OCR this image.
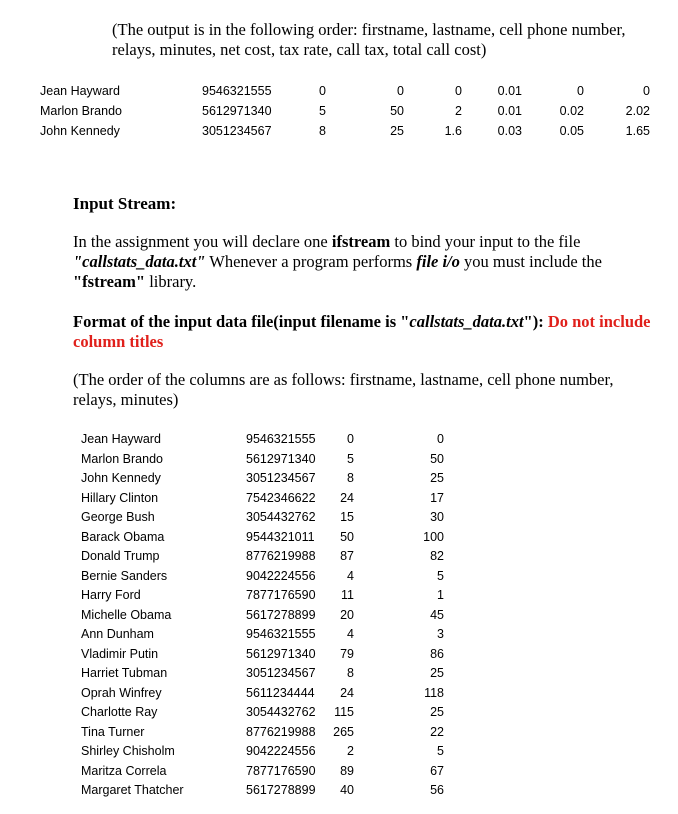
(The output is in the following order: firstname, lastname, cell phone number, relays, minutes, net cost, tax rate, call tax, total call cost)
Jean Hayward	9546321555	0	0	0	0.01	0	0
Marlon Brando	5612971340	5	50	2	0.01	0.02	2.02
John Kennedy	3051234567	8	25	1.6	0.03	0.05	1.65
Input Stream:
In the assignment you will declare one ifstream to bind your input to the file "callstats_data.txt" Whenever a program performs file i/o you must include the "fstream" library.
Format of the input data file(input filename is "callstats_data.txt"): Do not include column titles
(The order of the columns are as follows: firstname, lastname, cell phone number, relays, minutes)
Jean Hayward	9546321555	0	0
Marlon Brando	5612971340	5	50
John Kennedy	3051234567	8	25
Hillary Clinton	7542346622	24	17
George Bush	3054432762	15	30
Barack Obama	9544321011	50	100
Donald Trump	8776219988	87	82
Bernie Sanders	9042224556	4	5
Harry Ford	7877176590	11	1
Michelle Obama	5617278899	20	45
Ann Dunham	9546321555	4	3
Vladimir Putin	5612971340	79	86
Harriet Tubman	3051234567	8	25
Oprah Winfrey	5611234444	24	118
Charlotte Ray	3054432762	115	25
Tina Turner	8776219988 265	22
Shirley Chisholm	9042224556	2	5
Maritza Correla	7877176590	89	67
Margaret Thatcher	5617278899	40	56
